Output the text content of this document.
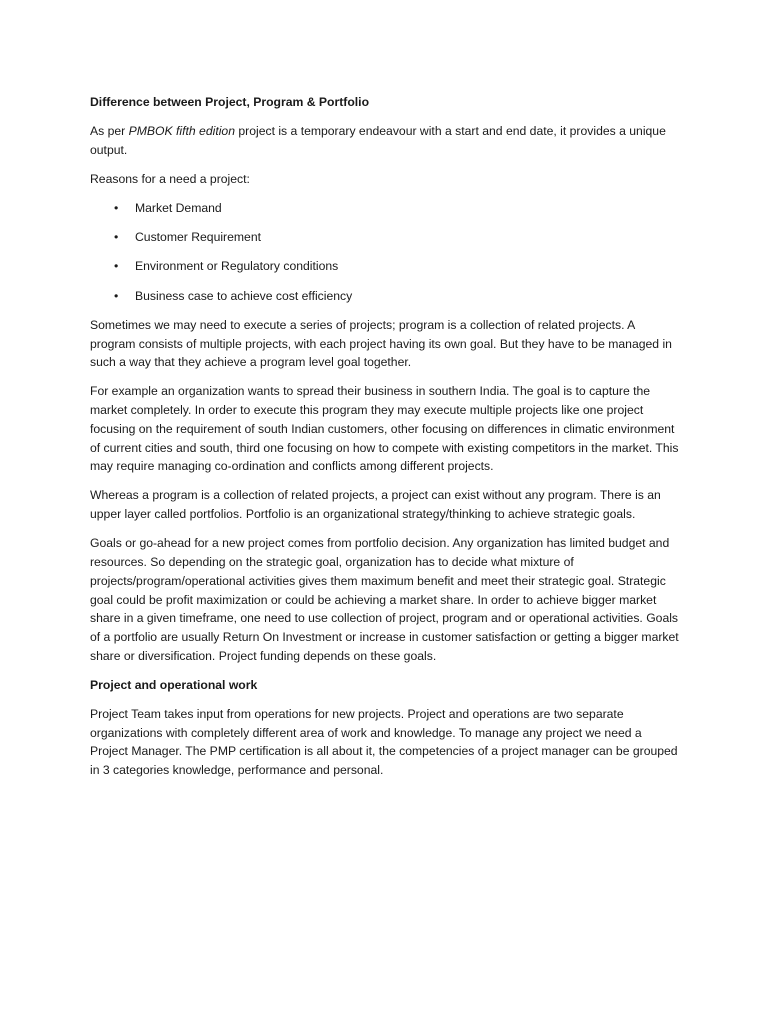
Difference between Project, Program & Portfolio

As per PMBOK fifth edition project is a temporary endeavour with a start and end date, it provides a unique output.

Reasons for a need a project:

• Market Demand
• Customer Requirement
• Environment or Regulatory conditions
• Business case to achieve cost efficiency

Sometimes we may need to execute a series of projects; program is a collection of related projects. A program consists of multiple projects, with each project having its own goal. But they have to be managed in such a way that they achieve a program level goal together.

For example an organization wants to spread their business in southern India. The goal is to capture the market completely. In order to execute this program they may execute multiple projects like one project focusing on the requirement of south Indian customers, other focusing on differences in climatic environment of current cities and south, third one focusing on how to compete with existing competitors in the market. This may require managing co-ordination and conflicts among different projects.

Whereas a program is a collection of related projects, a project can exist without any program. There is an upper layer called portfolios. Portfolio is an organizational strategy/thinking to achieve strategic goals.

Goals or go-ahead for a new project comes from portfolio decision. Any organization has limited budget and resources. So depending on the strategic goal, organization has to decide what mixture of projects/program/operational activities gives them maximum benefit and meet their strategic goal. Strategic goal could be profit maximization or could be achieving a market share. In order to achieve bigger market share in a given timeframe, one need to use collection of project, program and or operational activities. Goals of a portfolio are usually Return On Investment or increase in customer satisfaction or getting a bigger market share or diversification. Project funding depends on these goals.

Project and operational work

Project Team takes input from operations for new projects. Project and operations are two separate organizations with completely different area of work and knowledge. To manage any project we need a Project Manager. The PMP certification is all about it, the competencies of a project manager can be grouped in 3 categories knowledge, performance and personal.
